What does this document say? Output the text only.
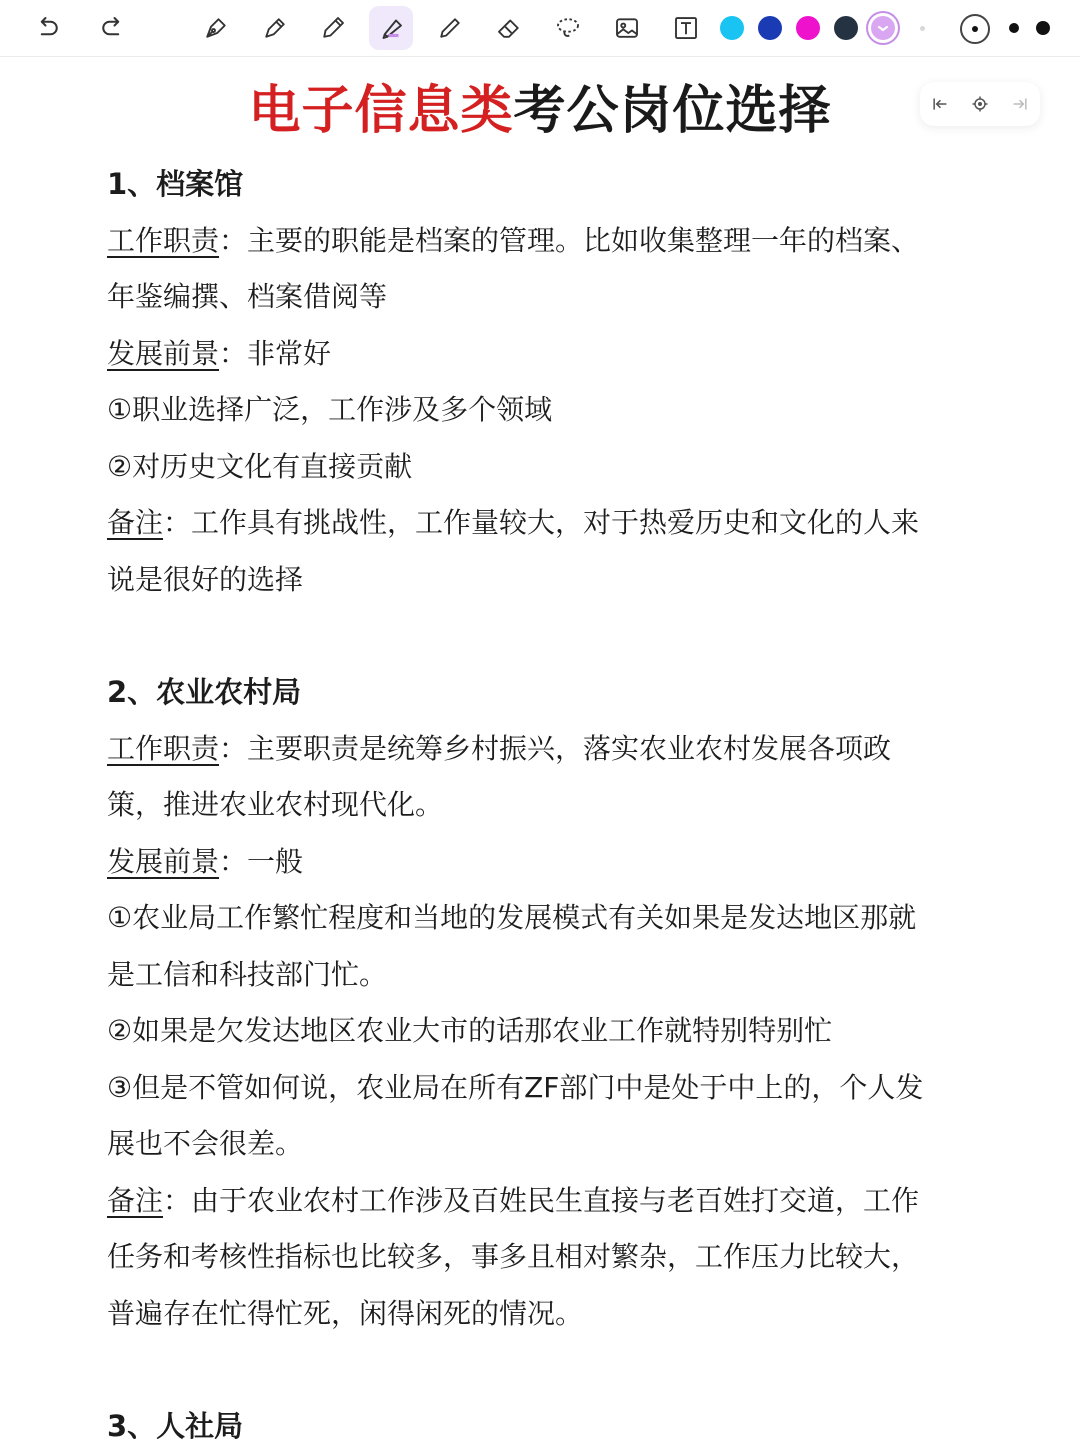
电子信息类考公岗位选择

1、档案馆

工作职责：主要的职能是档案的管理。比如收集整理一年的档案、

年鉴编撰、档案借阅等

发展前景：非常好

①职业选择广泛，工作涉及多个领域

②对历史文化有直接贡献

备注：工作具有挑战性，工作量较大，对于热爱历史和文化的人来

说是很好的选择

2、农业农村局

工作职责：主要职责是统筹乡村振兴，落实农业农村发展各项政

策，推进农业农村现代化。

发展前景：一般

①农业局工作繁忙程度和当地的发展模式有关如果是发达地区那就

是工信和科技部门忙。

②如果是欠发达地区农业大市的话那农业工作就特别特别忙

③但是不管如何说，农业局在所有ZF部门中是处于中上的，个人发

展也不会很差。

备注：由于农业农村工作涉及百姓民生直接与老百姓打交道，工作

任务和考核性指标也比较多，事多且相对繁杂，工作压力比较大，

普遍存在忙得忙死，闲得闲死的情况。

3、人社局
